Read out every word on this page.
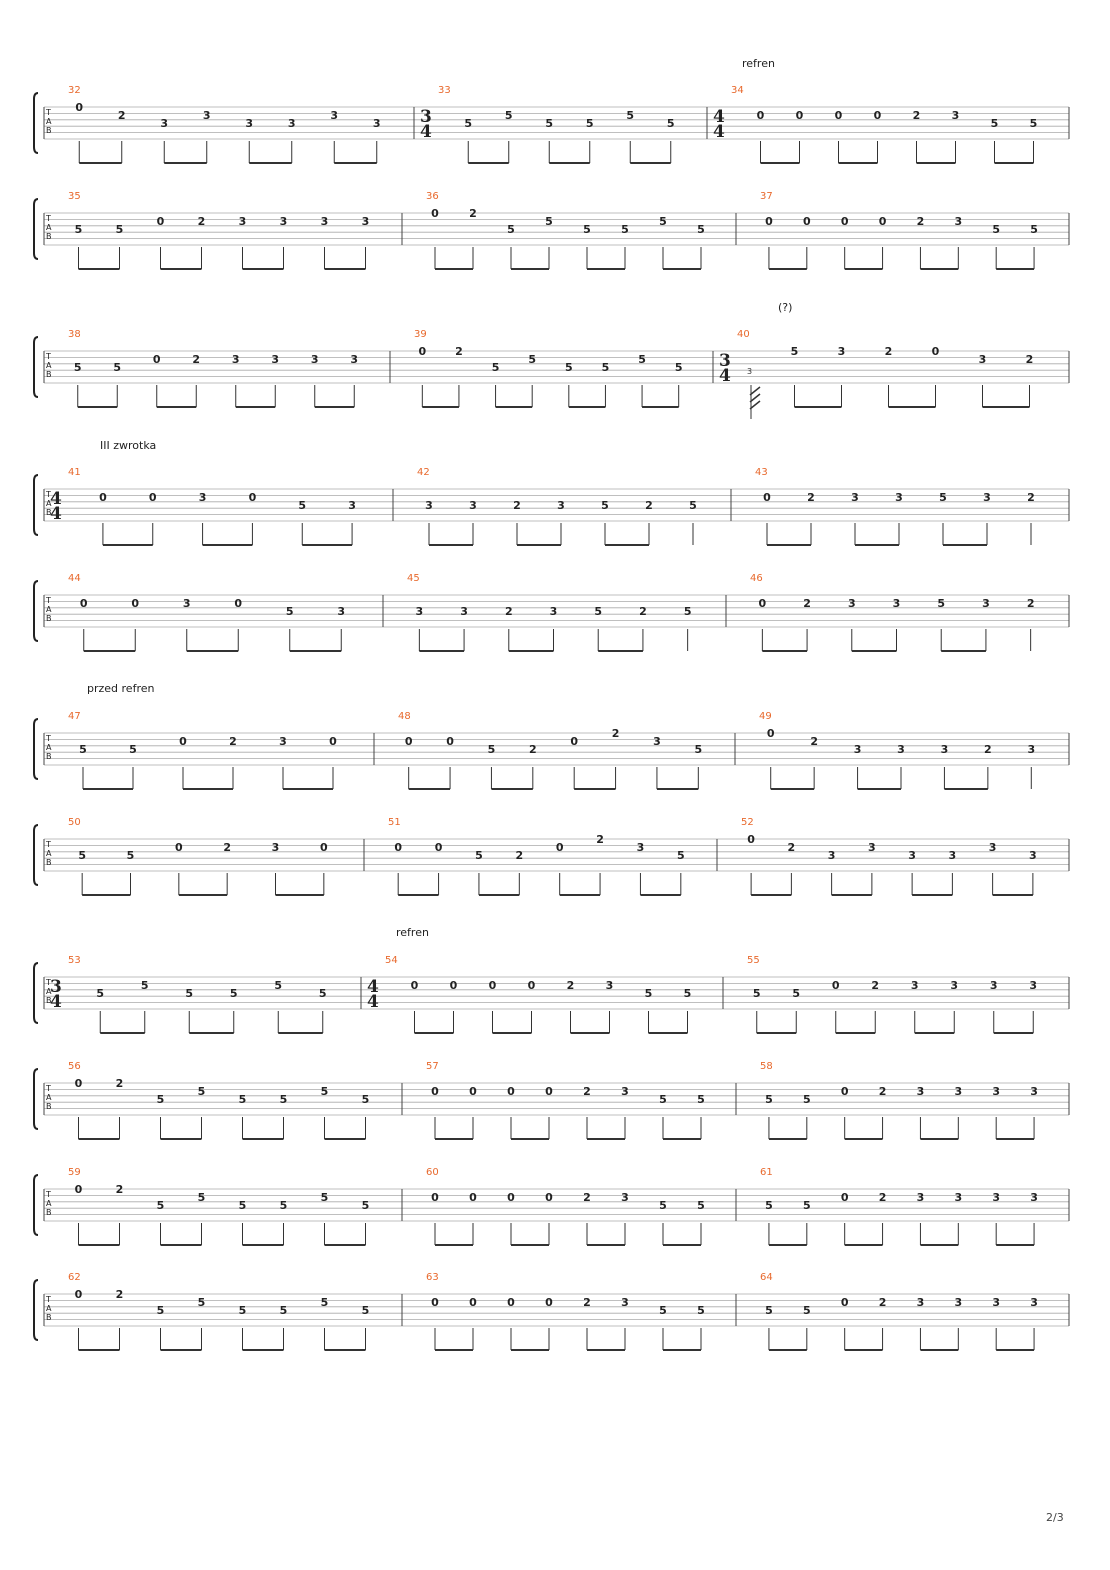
refren
T
A
B
32
0
2
3
3
3	3
3
3
33
3
4	5
5
5	5
5
5
34
4
4
0	0	0	0	2	3
5	5
T
A
B
35
5	5
0	2	3	3	3	3
36
0	2
5
5
5	5
5
5
37
0	0	0	0	2	3
5	5
(?)
T
A
B
38
5	5
0	2	3	3	3	3
39
0	2
5
5
5	5
5
5
40
3
4 3
5	3	2	0
3	2
III zwrotka
T
A
B
41
4
4
0	0	3	0
5	3
42
3	3	2	3	5	2	5
43
0	2	3	3	5	3	2
T
A
B
44
0	0	3	0
5	3
45
3	3	2	3	5	2	5
46
0	2	3	3	5	3	2
przed refren
T
A
B
47
5	5
0	2	3	0
48
0	0
5	2
0
2
3
5
49
0
2
3	3	3	2	3
T
A
B
50
5	5
0	2	3	0
51
0	0
5	2
0
2
3
5
52
0
2
3
3
3	3
3
3
refren
T
A
B
53
3
4	5
5
5	5
5
5
54
4
4
0	0	0	0	2	3
5	5
55
5	5
0	2	3	3	3	3
T
A
B
56
0	2
5
5
5	5
5
5
57
0	0	0	0	2	3
5	5
58
5	5
0	2	3	3	3	3
T
A
B
59
0	2
5
5
5	5
5
5
60
0	0	0	0	2	3
5	5
61
5	5
0	2	3	3	3	3
T
A
B
62
0	2
5
5
5	5
5
5
63
0	0	0	0	2	3
5	5
64
5	5
0	2	3	3	3	3
2/3
